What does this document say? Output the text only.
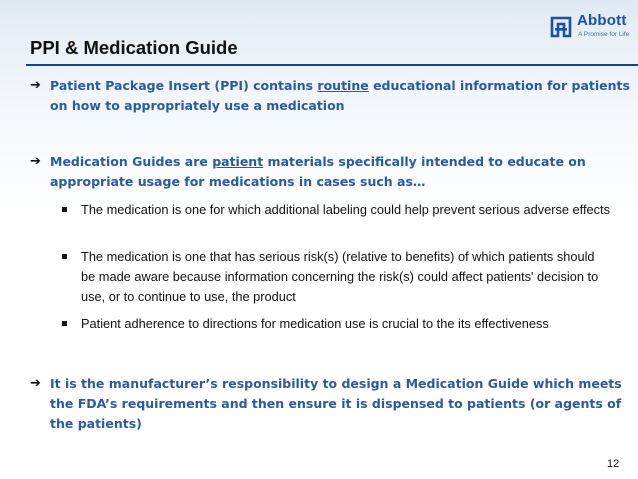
Abbott
A Promise for Life
PPI & Medication Guide
➔ Patient Package Insert (PPI) contains routine educational information for patients on how to appropriately use a medication
➔ Medication Guides are patient materials specifically intended to educate on appropriate usage for medications in cases such as…
The medication is one for which additional labeling could help prevent serious adverse effects
The medication is one that has serious risk(s) (relative to benefits) of which patients should be made aware because information concerning the risk(s) could affect patients' decision to use, or to continue to use, the product
Patient adherence to directions for medication use is crucial to the its effectiveness
➔ It is the manufacturer’s responsibility to design a Medication Guide which meets the FDA’s requirements and then ensure it is dispensed to patients (or agents of the patients)
12
